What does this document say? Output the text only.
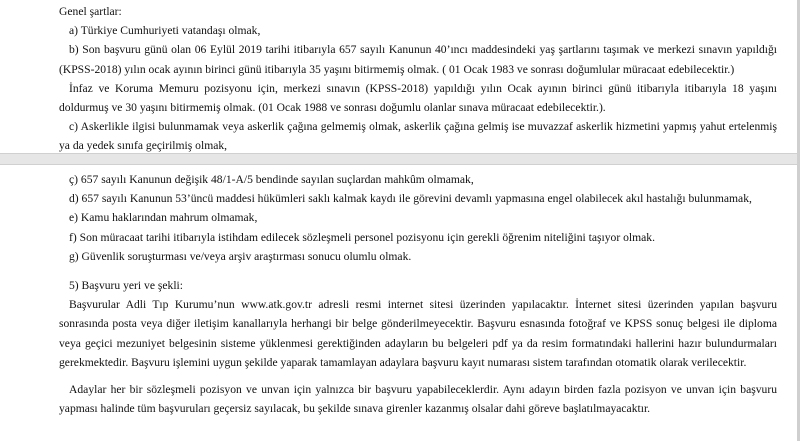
Genel şartlar:

a) Türkiye Cumhuriyeti vatandaşı olmak,

b) Son başvuru günü olan 06 Eylül 2019 tarihi itibarıyla 657 sayılı Kanunun 40’ıncı maddesindeki yaş şartlarını taşımak ve merkezi sınavın yapıldığı (KPSS-2018) yılın ocak ayının birinci günü itibarıyla 35 yaşını bitirmemiş olmak. ( 01 Ocak 1983 ve sonrası doğumlular müracaat edebilecektir.)

İnfaz ve Koruma Memuru pozisyonu için, merkezi sınavın (KPSS-2018) yapıldığı yılın Ocak ayının birinci günü itibarıyla itibarıyla 18 yaşını doldurmuş ve 30 yaşını bitirmemiş olmak. (01 Ocak 1988 ve sonrası doğumlu olanlar sınava müracaat edebilecektir.).

c) Askerlikle ilgisi bulunmamak veya askerlik çağına gelmemiş olmak, askerlik çağına gelmiş ise muvazzaf askerlik hizmetini yapmış yahut ertelenmiş ya da yedek sınıfa geçirilmiş olmak,

ç) 657 sayılı Kanunun değişik 48/1-A/5 bendinde sayılan suçlardan mahkûm olmamak,

d) 657 sayılı Kanunun 53’üncü maddesi hükümleri saklı kalmak kaydı ile görevini devamlı yapmasına engel olabilecek akıl hastalığı bulunmamak,

e) Kamu haklarından mahrum olmamak,

f) Son müracaat tarihi itibarıyla istihdam edilecek sözleşmeli personel pozisyonu için gerekli öğrenim niteliğini taşıyor olmak.

g) Güvenlik soruşturması ve/veya arşiv araştırması sonucu olumlu olmak.

5) Başvuru yeri ve şekli:

Başvurular Adli Tıp Kurumu’nun www.atk.gov.tr adresli resmi internet sitesi üzerinden yapılacaktır. İnternet sitesi üzerinden yapılan başvuru sonrasında posta veya diğer iletişim kanallarıyla herhangi bir belge gönderilmeyecektir. Başvuru esnasında fotoğraf ve KPSS sonuç belgesi ile diploma veya geçici mezuniyet belgesinin sisteme yüklenmesi gerektiğinden adayların bu belgeleri pdf ya da resim formatındaki hallerini hazır bulundurmaları gerekmektedir. Başvuru işlemini uygun şekilde yaparak tamamlayan adaylara başvuru kayıt numarası sistem tarafından otomatik olarak verilecektir.

Adaylar her bir sözleşmeli pozisyon ve unvan için yalnızca bir başvuru yapabileceklerdir. Aynı adayın birden fazla pozisyon ve unvan için başvuru yapması halinde tüm başvuruları geçersiz sayılacak, bu şekilde sınava girenler kazanmış olsalar dahi göreve başlatılmayacaktır.
